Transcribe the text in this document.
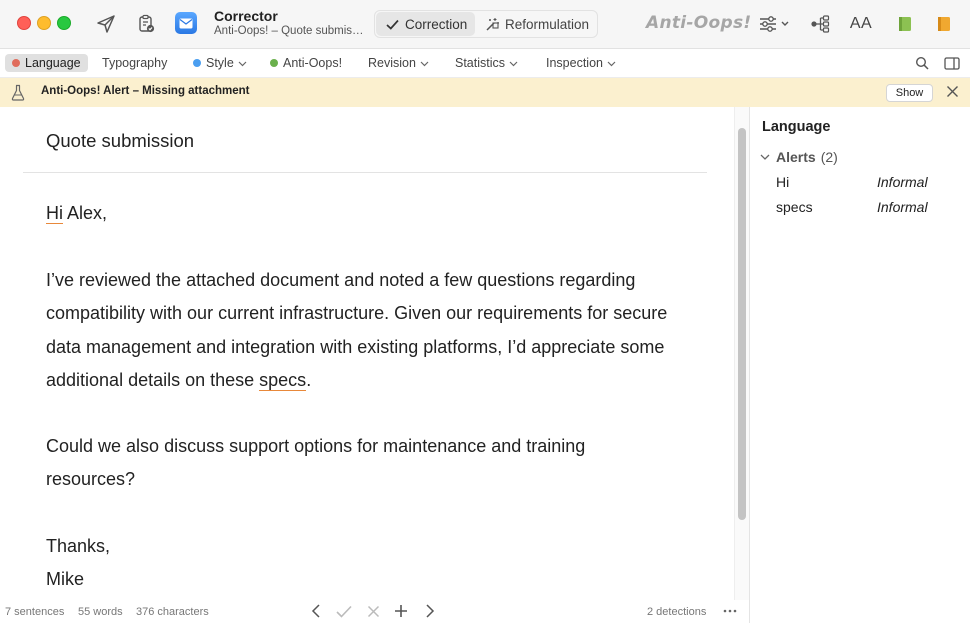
Corrector
Anti-Oops! – Quote submis…	Correction	Reformulation	Anti-Oops!	AA
Language Typography	Style	Anti-Oops! Revision	Statistics	Inspection
Anti-Oops! Alert – Missing attachment	Show
Quote submission
Hi Alex,
I’ve reviewed the attached document and noted a few questions regarding
compatibility with our current infrastructure. Given our requirements for secure
data management and integration with existing platforms, I’d appreciate some
additional details on these specs.
Could we also discuss support options for maintenance and training
resources?
Thanks,
Mike
Language
Alerts (2)
Hi	Informal
specs	Informal
7 sentences 55 words 376 characters	2 detections
